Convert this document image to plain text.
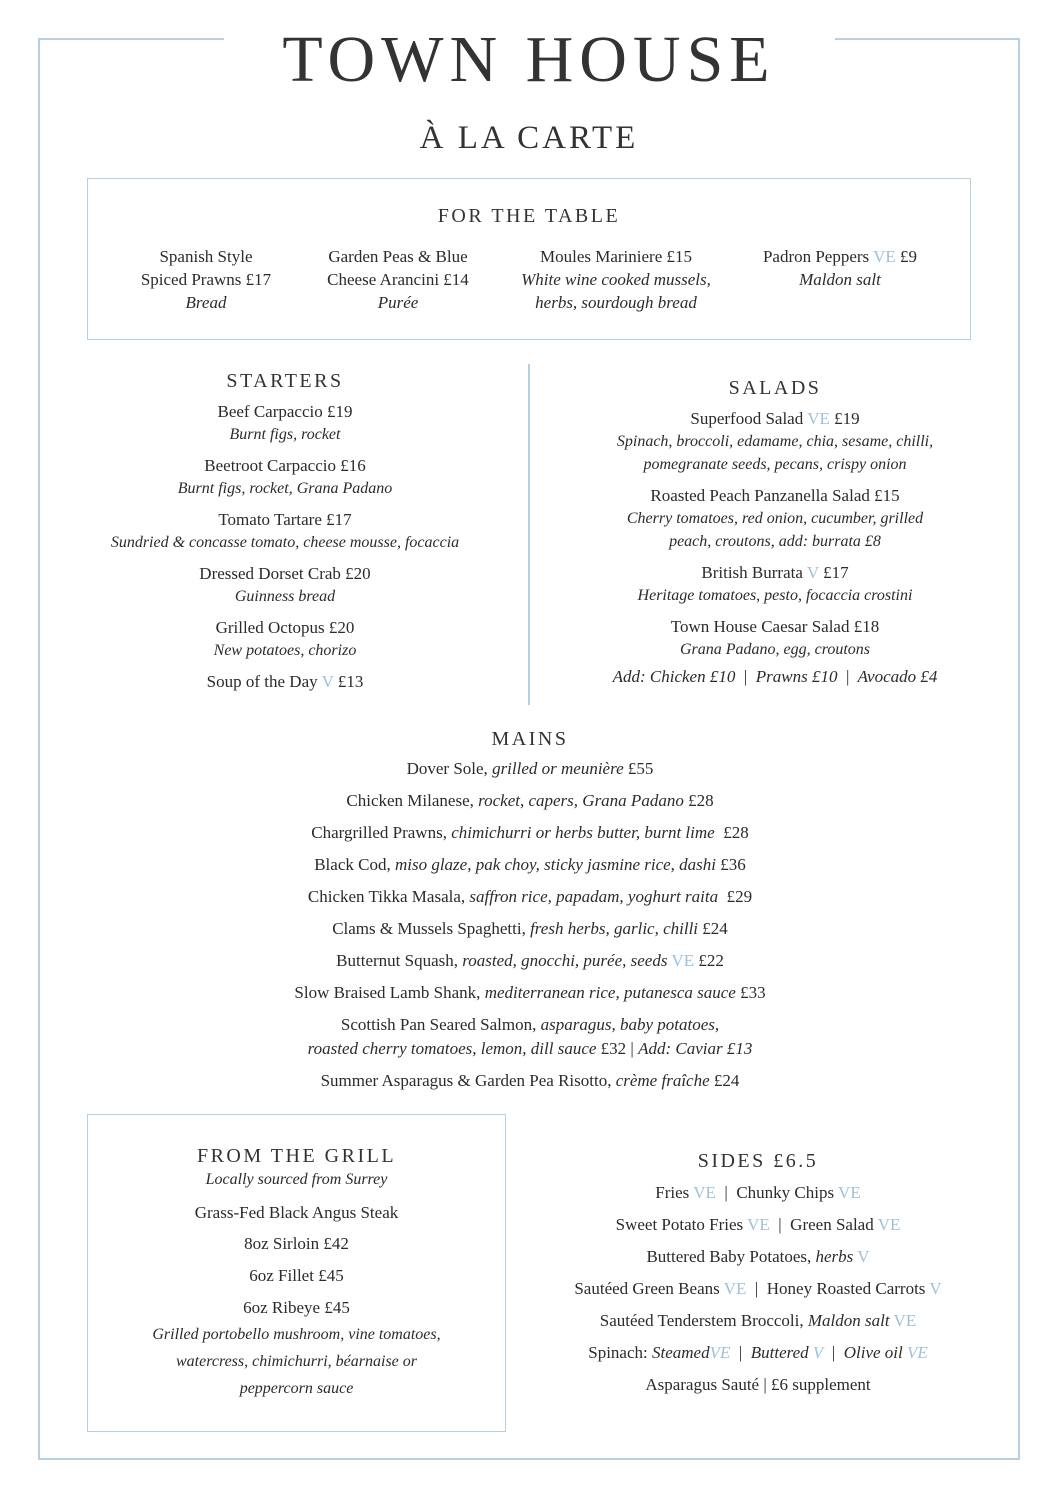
TOWN HOUSE
À LA CARTE
FOR THE TABLE
Spanish Style
Spiced Prawns £17
Bread
Garden Peas & Blue
Cheese Arancini £14
Purée
Moules Mariniere £15
White wine cooked mussels,
herbs, sourdough bread
Padron Peppers VE £9
Maldon salt
STARTERS
Beef Carpaccio £19
Burnt figs, rocket
Beetroot Carpaccio £16
Burnt figs, rocket, Grana Padano
Tomato Tartare £17
Sundried & concasse tomato, cheese mousse, focaccia
Dressed Dorset Crab £20
Guinness bread
Grilled Octopus £20
New potatoes, chorizo
Soup of the Day V £13
SALADS
Superfood Salad VE £19
Spinach, broccoli, edamame, chia, sesame, chilli,
pomegranate seeds, pecans, crispy onion
Roasted Peach Panzanella Salad £15
Cherry tomatoes, red onion, cucumber, grilled
peach, croutons, add: burrata £8
British Burrata V £17
Heritage tomatoes, pesto, focaccia crostini
Town House Caesar Salad £18
Grana Padano, egg, croutons
Add: Chicken £10 | Prawns £10 | Avocado £4
MAINS
Dover Sole, grilled or meunière £55
Chicken Milanese, rocket, capers, Grana Padano £28
Chargrilled Prawns, chimichurri or herbs butter, burnt lime £28
Black Cod, miso glaze, pak choy, sticky jasmine rice, dashi £36
Chicken Tikka Masala, saffron rice, papadam, yoghurt raita £29
Clams & Mussels Spaghetti, fresh herbs, garlic, chilli £24
Butternut Squash, roasted, gnocchi, purée, seeds VE £22
Slow Braised Lamb Shank, mediterranean rice, putanesca sauce £33
Scottish Pan Seared Salmon, asparagus, baby potatoes,
roasted cherry tomatoes, lemon, dill sauce £32 | Add: Caviar £13
Summer Asparagus & Garden Pea Risotto, crème fraîche £24
FROM THE GRILL
Locally sourced from Surrey
Grass-Fed Black Angus Steak
8oz Sirloin £42
6oz Fillet £45
6oz Ribeye £45
Grilled portobello mushroom, vine tomatoes,
watercress, chimichurri, béarnaise or
peppercorn sauce
SIDES £6.5
Fries VE | Chunky Chips VE
Sweet Potato Fries VE | Green Salad VE
Buttered Baby Potatoes, herbs V
Sautéed Green Beans VE | Honey Roasted Carrots V
Sautéed Tenderstem Broccoli, Maldon salt VE
Spinach: SteamedVE | Buttered V | Olive oil VE
Asparagus Sauté | £6 supplement
